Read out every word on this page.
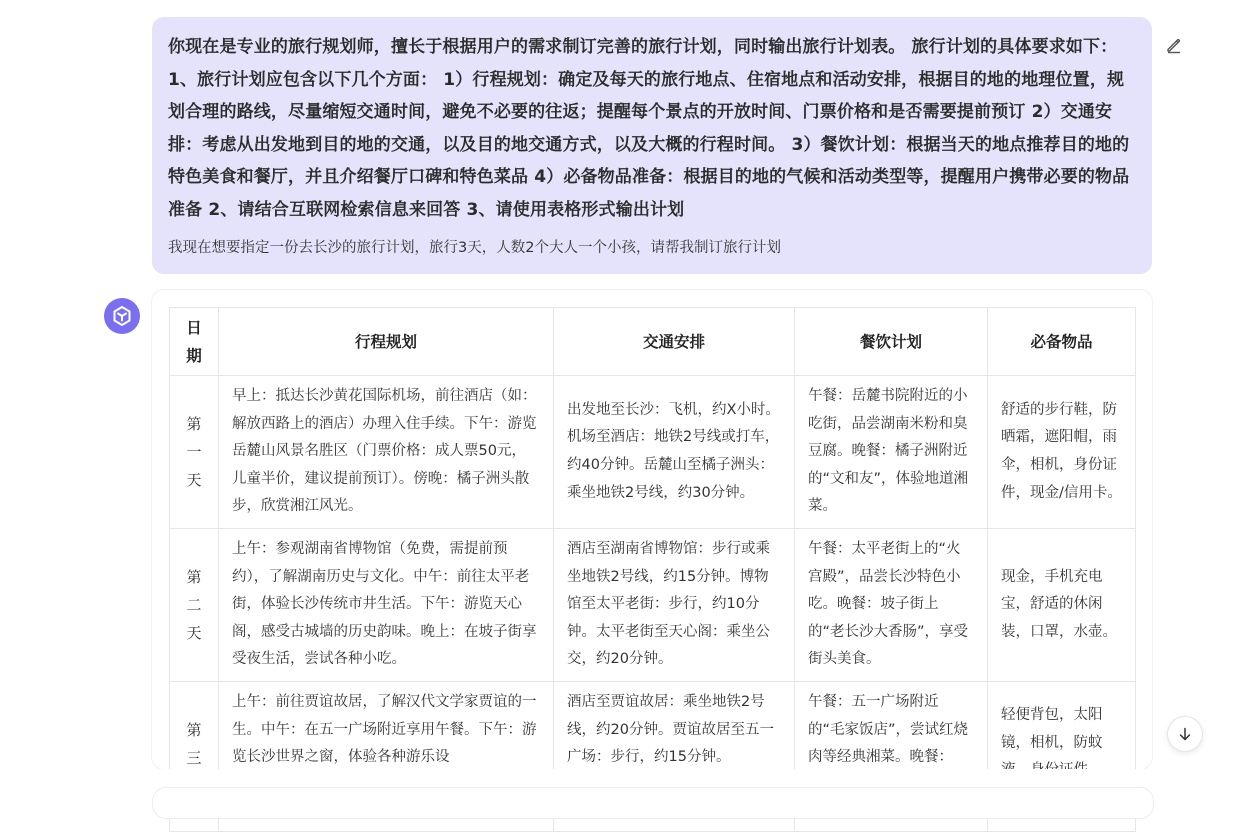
你现在是专业的旅行规划师，擅长于根据用户的需求制订完善的旅行计划，同时输出旅行计划表。 旅行计划的具体要求如下： 1、旅行计划应包含以下几个方面： 1）行程规划：确定及每天的旅行地点、住宿地点和活动安排，根据目的地的地理位置，规划合理的路线，尽量缩短交通时间，避免不必要的往返；提醒每个景点的开放时间、门票价格和是否需要提前预订 2）交通安排：考虑从出发地到目的地的交通，以及目的地交通方式，以及大概的行程时间。 3）餐饮计划：根据当天的地点推荐目的地的特色美食和餐厅，并且介绍餐厅口碑和特色菜品 4）必备物品准备：根据目的地的气候和活动类型等，提醒用户携带必要的物品准备 2、请结合互联网检索信息来回答 3、请使用表格形式输出计划

我现在想要指定一份去长沙的旅行计划，旅行3天，人数2个大人一个小孩，请帮我制订旅行计划

日期	行程规划	交通安排	餐饮计划	必备物品
第一天	早上：抵达长沙黄花国际机场，前往酒店（如：解放西路上的酒店）办理入住手续。下午：游览岳麓山风景名胜区（门票价格：成人票50元，儿童半价，建议提前预订）。傍晚：橘子洲头散步，欣赏湘江风光。	出发地至长沙：飞机，约X小时。机场至酒店：地铁2号线或打车，约40分钟。岳麓山至橘子洲头：乘坐地铁2号线，约30分钟。	午餐：岳麓书院附近的小吃街，品尝湖南米粉和臭豆腐。晚餐：橘子洲附近的“文和友”，体验地道湘菜。	舒适的步行鞋，防晒霜，遮阳帽，雨伞，相机，身份证件，现金/信用卡。
第二天	上午：参观湖南省博物馆（免费，需提前预约），了解湖南历史与文化。中午：前往太平老街，体验长沙传统市井生活。下午：游览天心阁，感受古城墙的历史韵味。晚上：在坡子街享受夜生活，尝试各种小吃。	酒店至湖南省博物馆：步行或乘坐地铁2号线，约15分钟。博物馆至太平老街：步行，约10分钟。太平老街至天心阁：乘坐公交，约20分钟。	午餐：太平老街上的“火宫殿”，品尝长沙特色小吃。晚餐：坡子街上的“老长沙大香肠”，享受街头美食。	现金，手机充电宝，舒适的休闲装，口罩，水壶。
第三	上午：前往贾谊故居，了解汉代文学家贾谊的一生。中午：在五一广场附近享用午餐。下午：游览长沙世界之窗，体验各种游乐设	酒店至贾谊故居：乘坐地铁2号线，约20分钟。贾谊故居至五一广场：步行，约15分钟。	午餐：五一广场附近的“毛家饭店”，尝试红烧肉等经典湘菜。晚餐：	轻便背包，太阳镜，相机，防蚊
